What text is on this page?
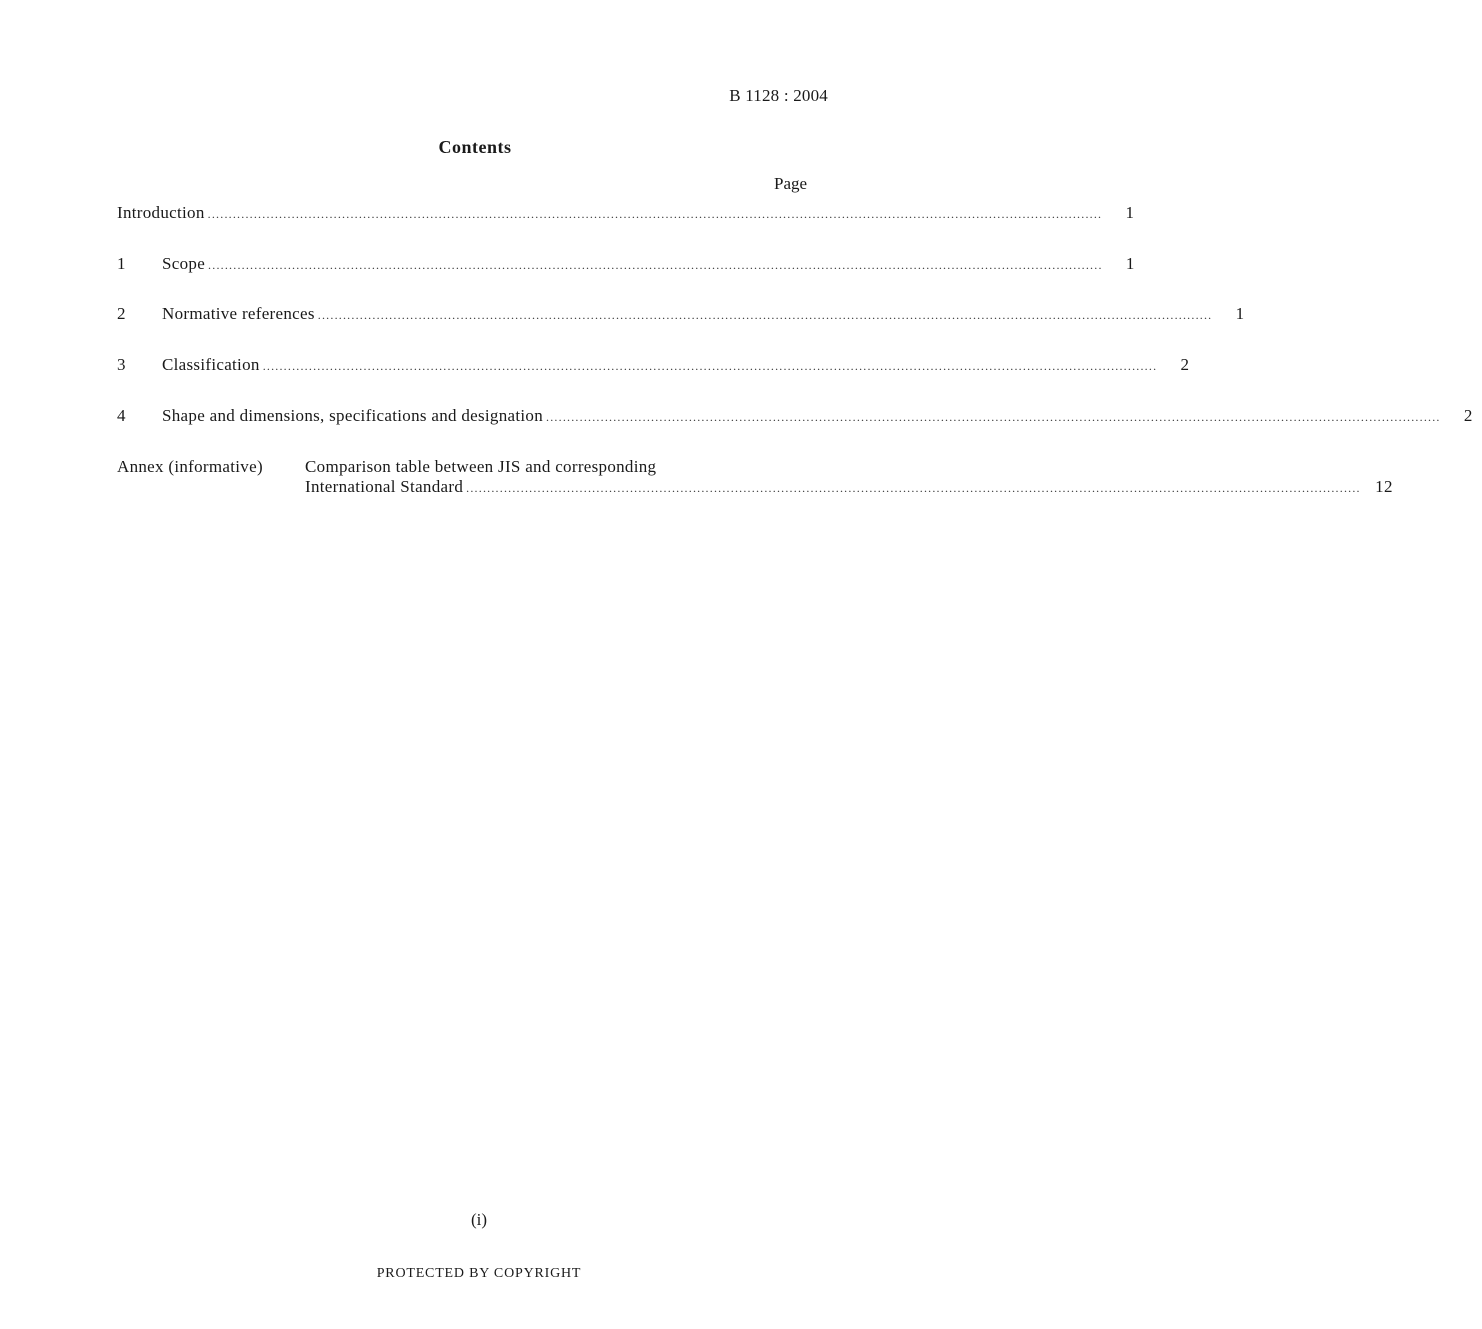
B 1128 : 2004
Contents
Page
Introduction .....................................................................................................................................................................................................................	1
1	Scope .....................................................................................................................................................................................................................	1
2	Normative references .....................................................................................................................................................................................................................	1
3	Classification .....................................................................................................................................................................................................................	2
4	Shape and dimensions, specifications and designation .....................................................................................................................................................................................................................	2
Annex (informative) Comparison table between JIS and corresponding
International Standard ..................................................................................................................................................................................................................... 12
(i)
PROTECTED BY COPYRIGHT
